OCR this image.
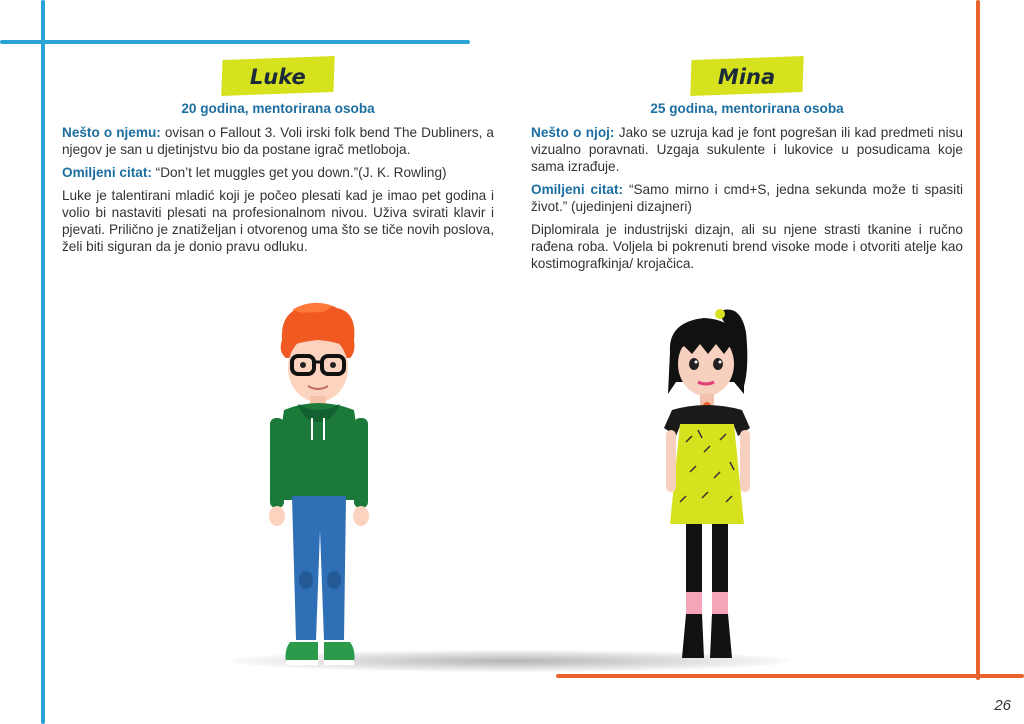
Luke
20 godina, mentorirana osoba

Nešto o njemu: ovisan o Fallout 3. Voli irski folk bend The Dubliners, a njegov je san u djetinjstvu bio da postane igrač metloboja.

Omiljeni citat: “Don’t let muggles get you down.”(J. K. Rowling)

Luke je talentirani mladić koji je počeo plesati kad je imao pet godina i volio bi nastaviti plesati na profesionalnom nivou. Uživa svirati klavir i pjevati. Prilično je znatiželjan i otvorenog uma što se tiče novih poslova, želi biti siguran da je donio pravu odluku.

Mina
25 godina, mentorirana osoba

Nešto o njoj: Jako se uzruja kad je font pogrešan ili kad predmeti nisu vizualno poravnati. Uzgaja sukulente i lukovice u posudicama koje sama izrađuje.

Omiljeni citat: “Samo mirno i cmd+S, jedna sekunda može ti spasiti život.” (ujedinjeni dizajneri)

Diplomirala je industrijski dizajn, ali su njene strasti tkanine i ručno rađena roba. Voljela bi pokrenuti brend visoke mode i otvoriti atelje kao kostimografkinja/ krojačica.

26
